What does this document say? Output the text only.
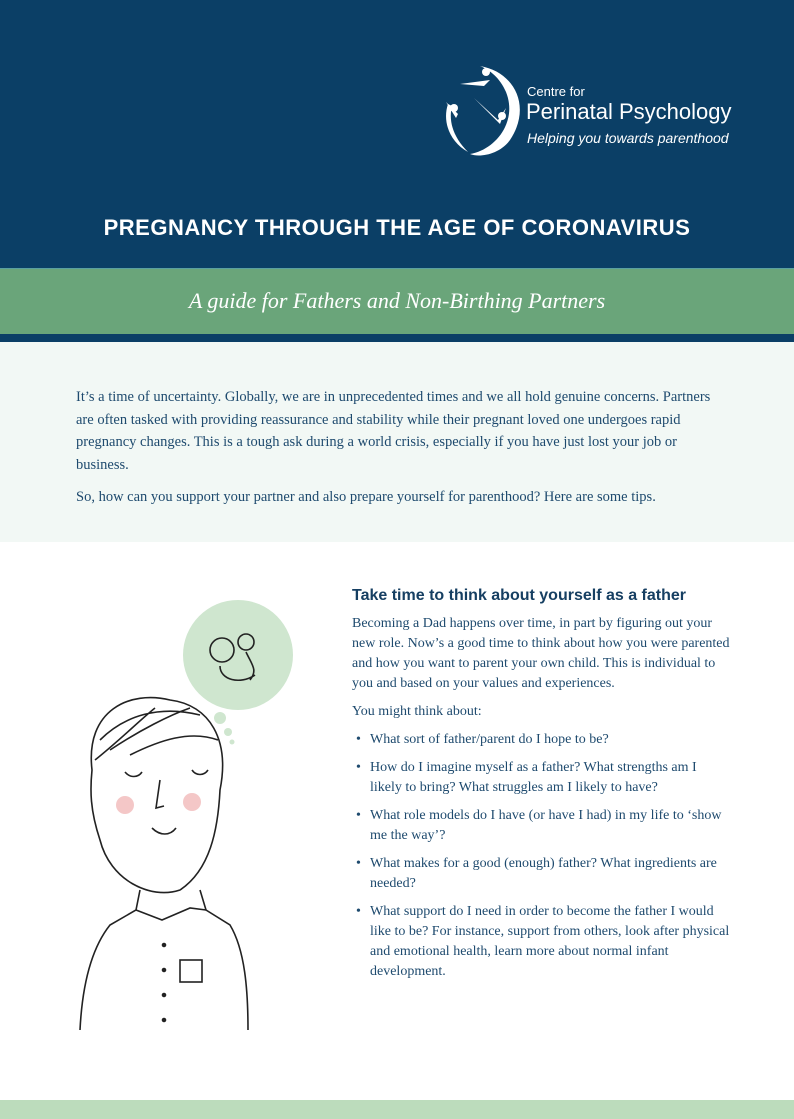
Centre for
Perinatal Psychology
Helping you towards parenthood
PREGNANCY THROUGH THE AGE OF CORONAVIRUS
A guide for Fathers and Non-Birthing Partners

It’s a time of uncertainty. Globally, we are in unprecedented times and we all hold genuine concerns. Partners are often tasked with providing reassurance and stability while their pregnant loved one undergoes rapid pregnancy changes. This is a tough ask during a world crisis, especially if you have just lost your job or business.

So, how can you support your partner and also prepare yourself for parenthood? Here are some tips.

Take time to think about yourself as a father

Becoming a Dad happens over time, in part by figuring out your new role. Now’s a good time to think about how you were parented and how you want to parent your own child. This is individual to you and based on your values and experiences.

You might think about:

• What sort of father/parent do I hope to be?
• How do I imagine myself as a father? What strengths am I likely to bring? What struggles am I likely to have?
• What role models do I have (or have I had) in my life to ‘show me the way’?
• What makes for a good (enough) father? What ingredients are needed?
• What support do I need in order to become the father I would like to be? For instance, support from others, look after physical and emotional health, learn more about normal infant development.
